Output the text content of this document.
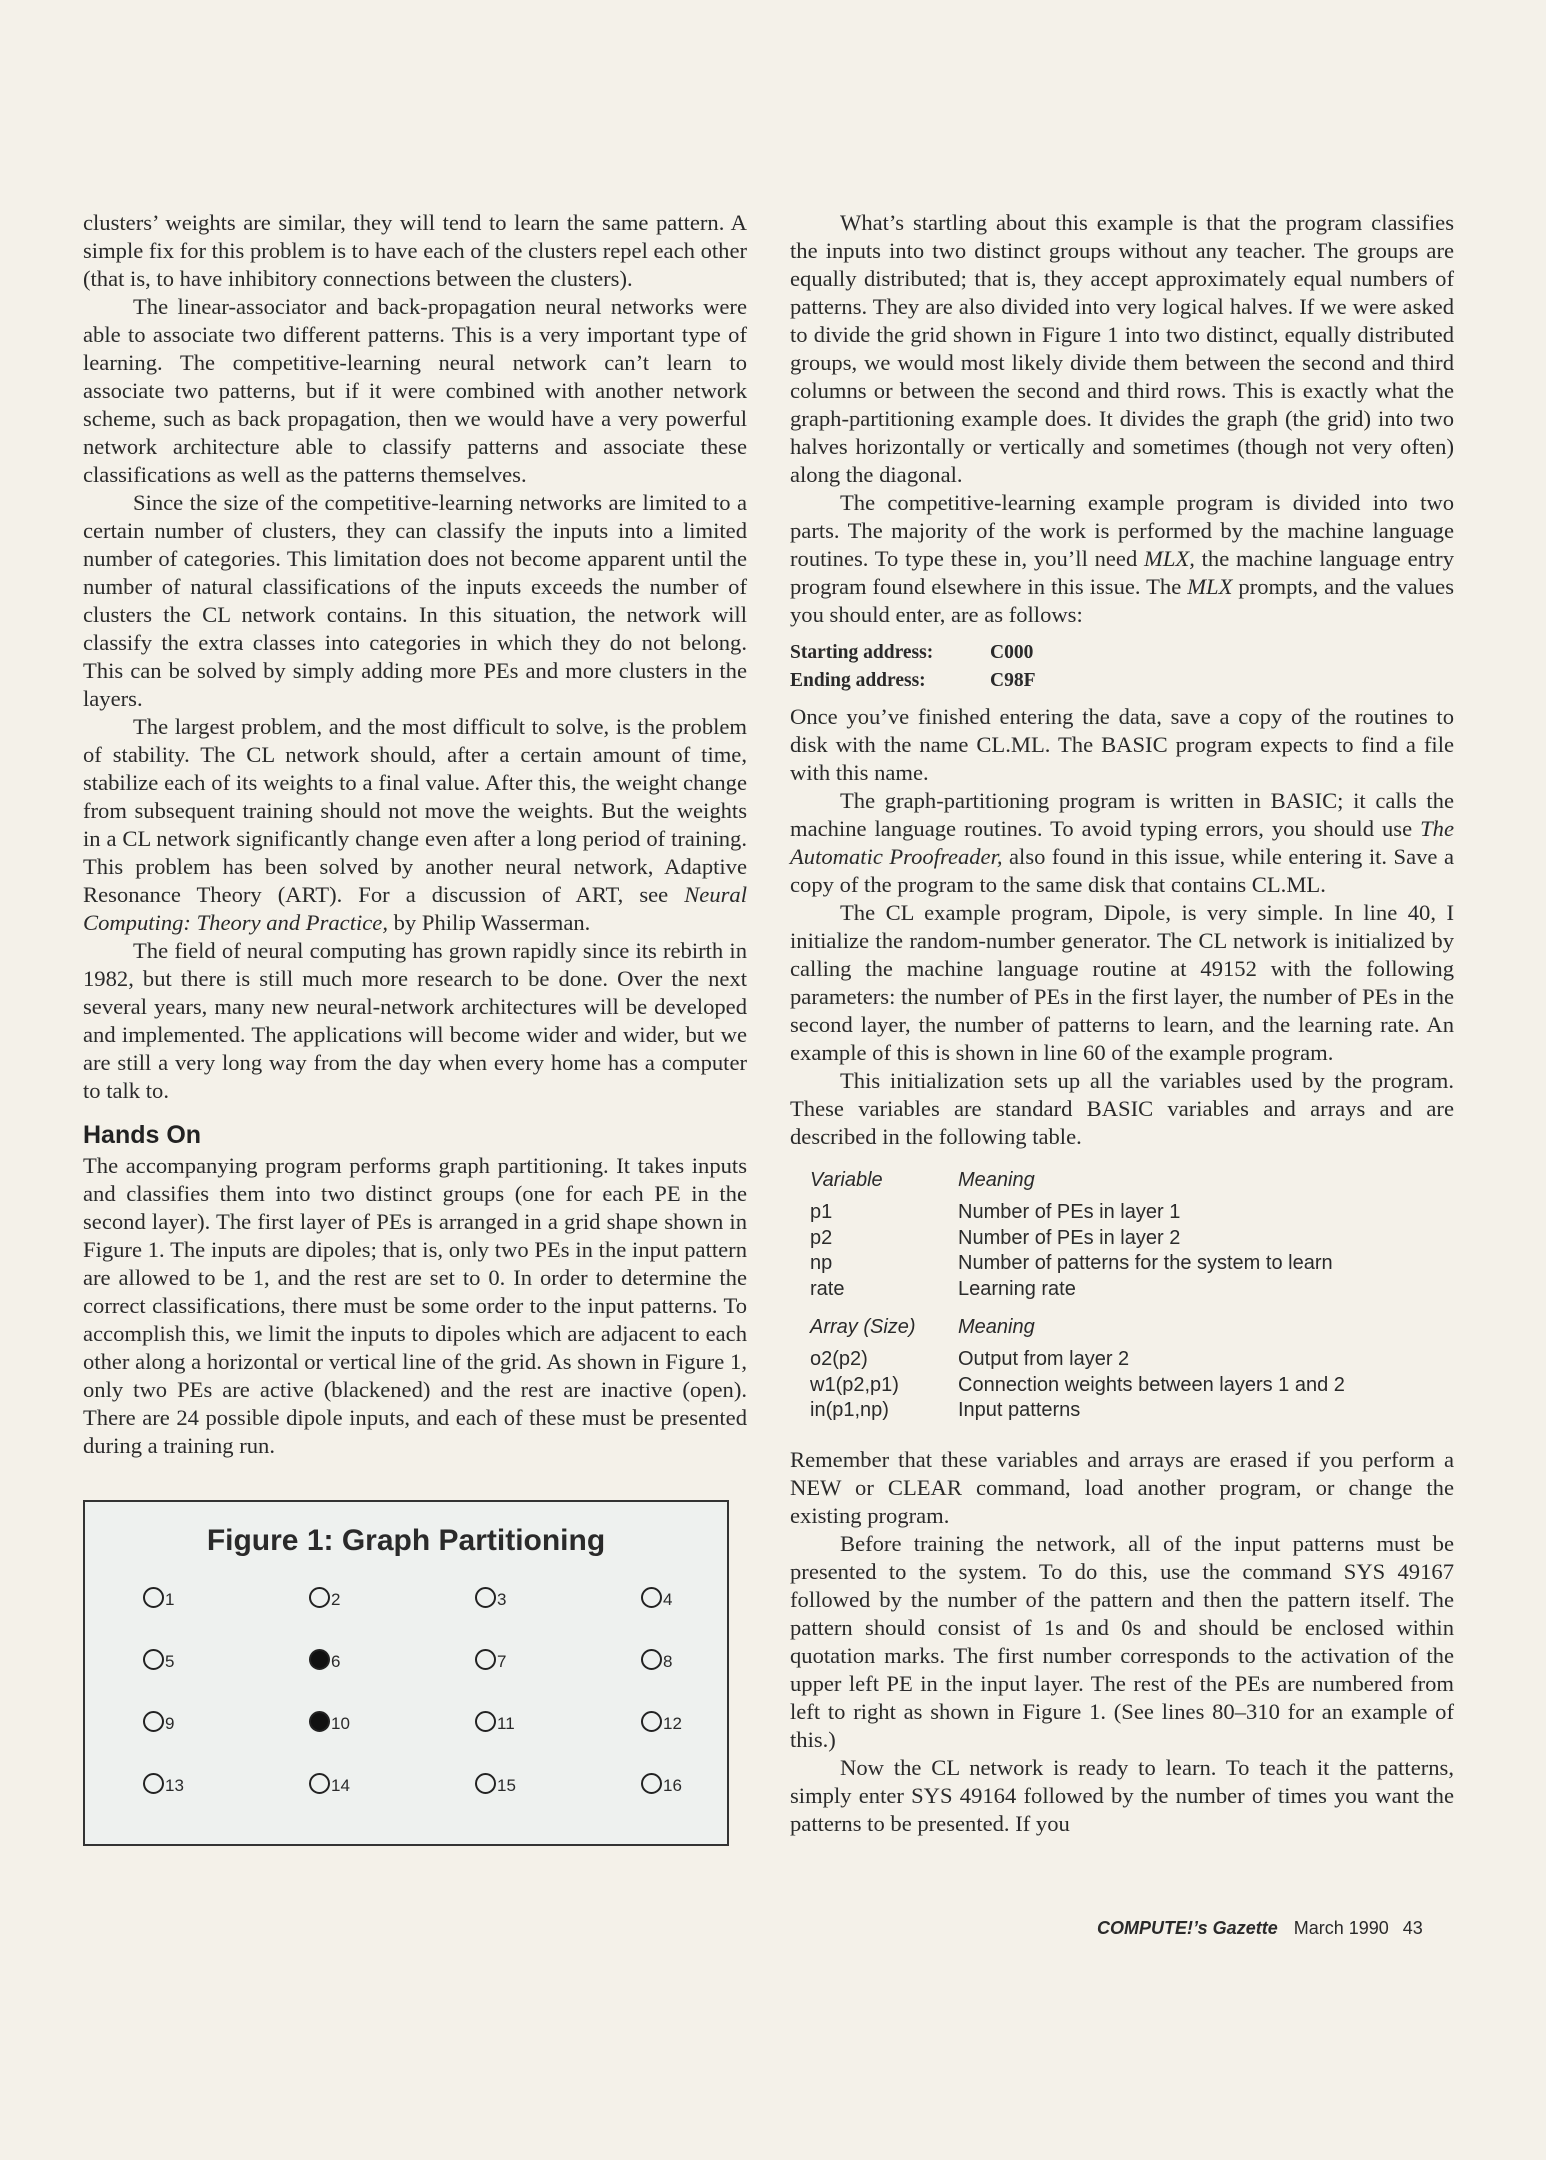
clusters’ weights are similar, they will tend to learn the same pattern. A simple fix for this problem is to have each of the clusters repel each other (that is, to have inhibitory connections between the clusters).

The linear-associator and back-propagation neural networks were able to associate two different patterns. This is a very important type of learning. The competitive-learning neural network can’t learn to associate two patterns, but if it were combined with another network scheme, such as back propagation, then we would have a very powerful network architecture able to classify patterns and associate these classifications as well as the patterns themselves.

Since the size of the competitive-learning networks are limited to a certain number of clusters, they can classify the inputs into a limited number of categories. This limitation does not become apparent until the number of natural classifications of the inputs exceeds the number of clusters the CL network contains. In this situation, the network will classify the extra classes into categories in which they do not belong. This can be solved by simply adding more PEs and more clusters in the layers.

The largest problem, and the most difficult to solve, is the problem of stability. The CL network should, after a certain amount of time, stabilize each of its weights to a final value. After this, the weight change from subsequent training should not move the weights. But the weights in a CL network significantly change even after a long period of training. This problem has been solved by another neural network, Adaptive Resonance Theory (ART). For a discussion of ART, see Neural Computing: Theory and Practice, by Philip Wasserman.

The field of neural computing has grown rapidly since its rebirth in 1982, but there is still much more research to be done. Over the next several years, many new neural-network architectures will be developed and implemented. The applications will become wider and wider, but we are still a very long way from the day when every home has a computer to talk to.

Hands On

The accompanying program performs graph partitioning. It takes inputs and classifies them into two distinct groups (one for each PE in the second layer). The first layer of PEs is arranged in a grid shape shown in Figure 1. The inputs are dipoles; that is, only two PEs in the input pattern are allowed to be 1, and the rest are set to 0. In order to determine the correct classifications, there must be some order to the input patterns. To accomplish this, we limit the inputs to dipoles which are adjacent to each other along a horizontal or vertical line of the grid. As shown in Figure 1, only two PEs are active (blackened) and the rest are inactive (open). There are 24 possible dipole inputs, and each of these must be presented during a training run.

Figure 1: Graph Partitioning
1	2	3	4
5	6	7	8
9	10	11	12
13	14	15	16

What’s startling about this example is that the program classifies the inputs into two distinct groups without any teacher. The groups are equally distributed; that is, they accept approximately equal numbers of patterns. They are also divided into very logical halves. If we were asked to divide the grid shown in Figure 1 into two distinct, equally distributed groups, we would most likely divide them between the second and third columns or between the second and third rows. This is exactly what the graph-partitioning example does. It divides the graph (the grid) into two halves horizontally or vertically and sometimes (though not very often) along the diagonal.

The competitive-learning example program is divided into two parts. The majority of the work is performed by the machine language routines. To type these in, you’ll need MLX, the machine language entry program found elsewhere in this issue. The MLX prompts, and the values you should enter, are as follows:

Starting address:	C000
Ending address:	C98F

Once you’ve finished entering the data, save a copy of the routines to disk with the name CL.ML. The BASIC program expects to find a file with this name.

The graph-partitioning program is written in BASIC; it calls the machine language routines. To avoid typing errors, you should use The Automatic Proofreader, also found in this issue, while entering it. Save a copy of the program to the same disk that contains CL.ML.

The CL example program, Dipole, is very simple. In line 40, I initialize the random-number generator. The CL network is initialized by calling the machine language routine at 49152 with the following parameters: the number of PEs in the first layer, the number of PEs in the second layer, the number of patterns to learn, and the learning rate. An example of this is shown in line 60 of the example program.

This initialization sets up all the variables used by the program. These variables are standard BASIC variables and arrays and are described in the following table.

Variable	Meaning
p1	Number of PEs in layer 1
p2	Number of PEs in layer 2
np	Number of patterns for the system to learn
rate	Learning rate
Array (Size)	Meaning
o2(p2)	Output from layer 2
w1(p2,p1)	Connection weights between layers 1 and 2
in(p1,np)	Input patterns

Remember that these variables and arrays are erased if you perform a NEW or CLEAR command, load another program, or change the existing program.

Before training the network, all of the input patterns must be presented to the system. To do this, use the command SYS 49167 followed by the number of the pattern and then the pattern itself. The pattern should consist of 1s and 0s and should be enclosed within quotation marks. The first number corresponds to the activation of the upper left PE in the input layer. The rest of the PEs are numbered from left to right as shown in Figure 1. (See lines 80–310 for an example of this.)

Now the CL network is ready to learn. To teach it the patterns, simply enter SYS 49164 followed by the number of times you want the patterns to be presented. If you

COMPUTE!’s Gazette March 1990 43
